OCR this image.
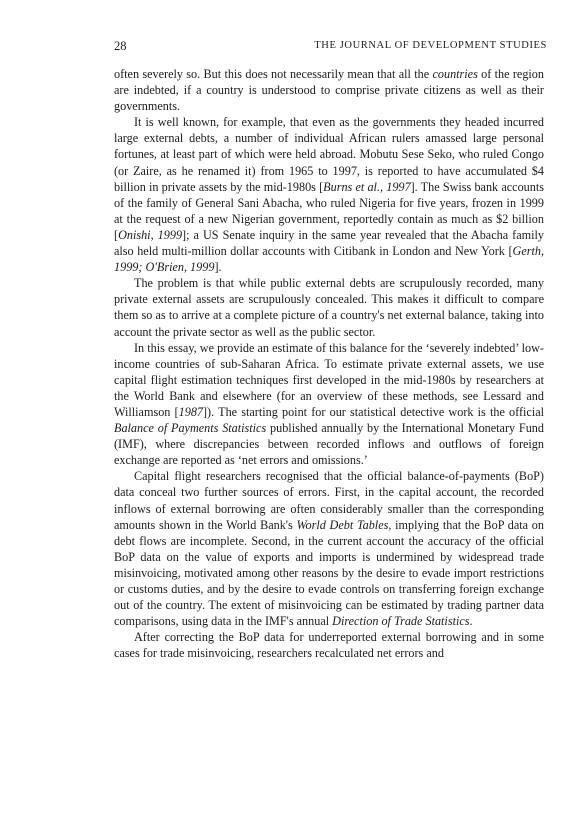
28	THE JOURNAL OF DEVELOPMENT STUDIES

often severely so. But this does not necessarily mean that all the countries of the region are indebted, if a country is understood to comprise private citizens as well as their governments.

It is well known, for example, that even as the governments they headed incurred large external debts, a number of individual African rulers amassed large personal fortunes, at least part of which were held abroad. Mobutu Sese Seko, who ruled Congo (or Zaire, as he renamed it) from 1965 to 1997, is reported to have accumulated $4 billion in private assets by the mid-1980s [Burns et al., 1997]. The Swiss bank accounts of the family of General Sani Abacha, who ruled Nigeria for five years, frozen in 1999 at the request of a new Nigerian government, reportedly contain as much as $2 billion [Onishi, 1999]; a US Senate inquiry in the same year revealed that the Abacha family also held multi-million dollar accounts with Citibank in London and New York [Gerth, 1999; O'Brien, 1999].

The problem is that while public external debts are scrupulously recorded, many private external assets are scrupulously concealed. This makes it difficult to compare them so as to arrive at a complete picture of a country's net external balance, taking into account the private sector as well as the public sector.

In this essay, we provide an estimate of this balance for the ‘severely indebted’ low-income countries of sub-Saharan Africa. To estimate private external assets, we use capital flight estimation techniques first developed in the mid-1980s by researchers at the World Bank and elsewhere (for an overview of these methods, see Lessard and Williamson [1987]). The starting point for our statistical detective work is the official Balance of Payments Statistics published annually by the International Monetary Fund (IMF), where discrepancies between recorded inflows and outflows of foreign exchange are reported as ‘net errors and omissions.’

Capital flight researchers recognised that the official balance-of-payments (BoP) data conceal two further sources of errors. First, in the capital account, the recorded inflows of external borrowing are often considerably smaller than the corresponding amounts shown in the World Bank's World Debt Tables, implying that the BoP data on debt flows are incomplete. Second, in the current account the accuracy of the official BoP data on the value of exports and imports is undermined by widespread trade misinvoicing, motivated among other reasons by the desire to evade import restrictions or customs duties, and by the desire to evade controls on transferring foreign exchange out of the country. The extent of misinvoicing can be estimated by trading partner data comparisons, using data in the IMF's annual Direction of Trade Statistics.

After correcting the BoP data for underreported external borrowing and in some cases for trade misinvoicing, researchers recalculated net errors and
